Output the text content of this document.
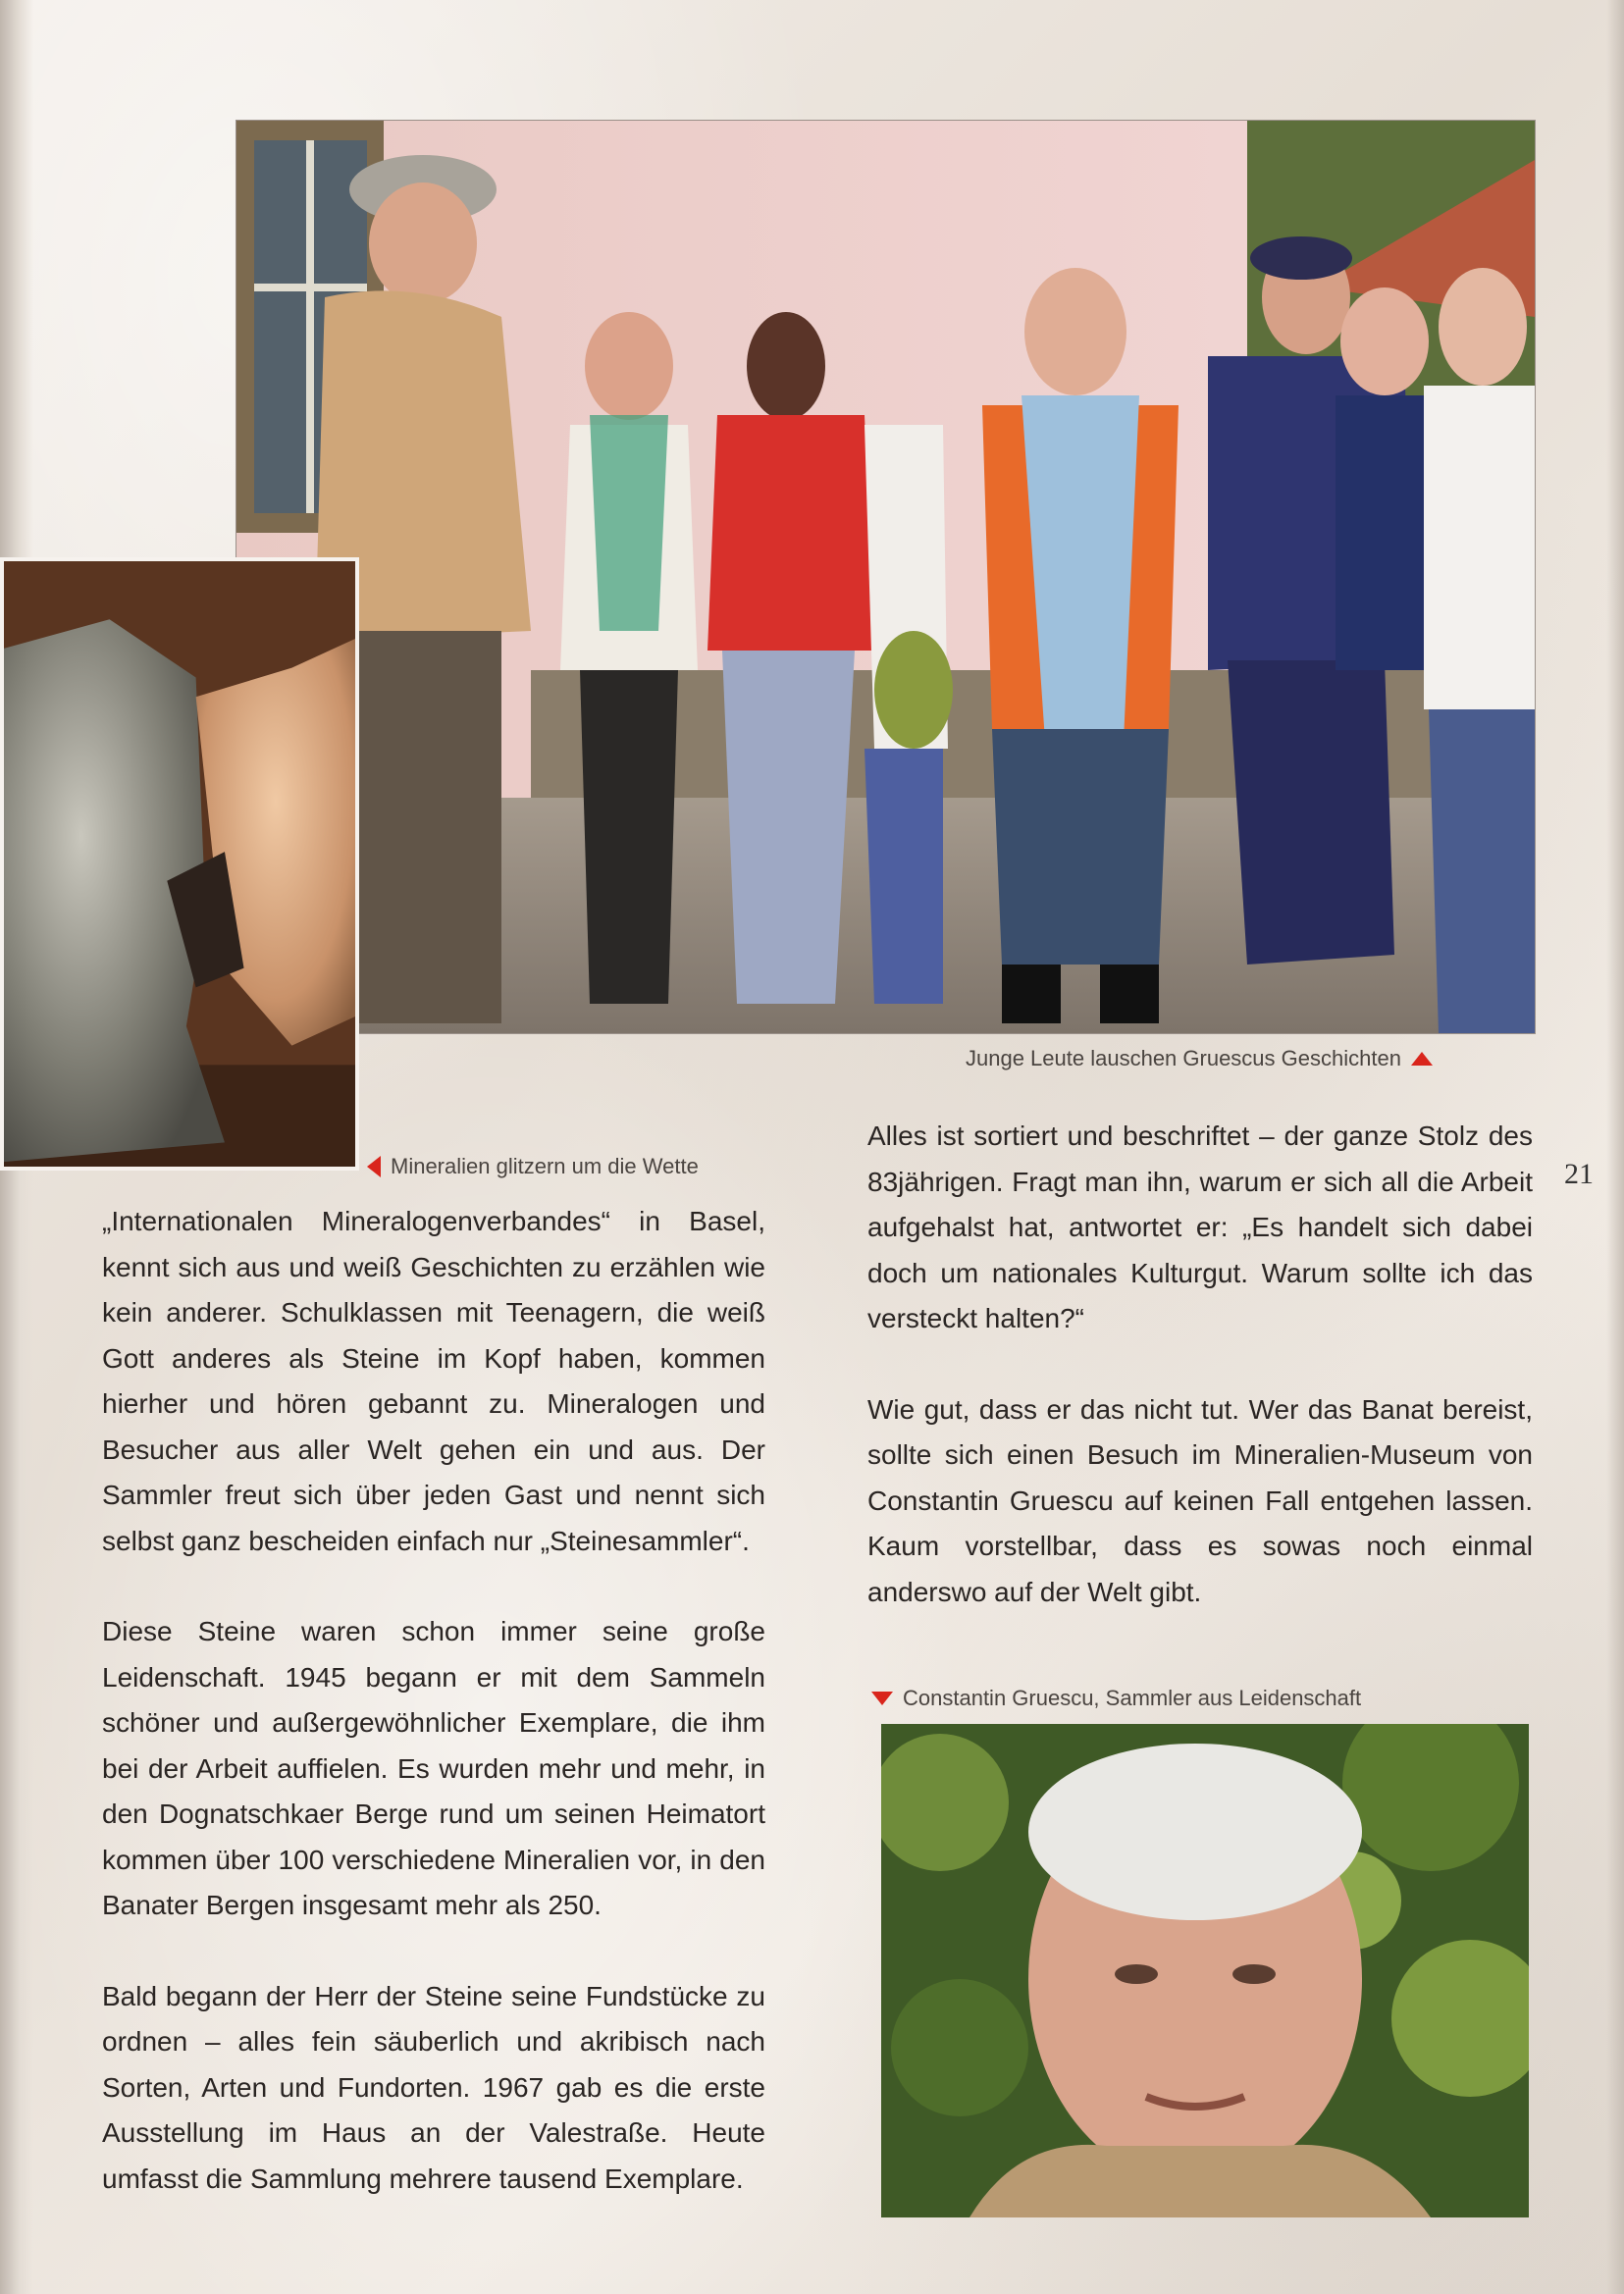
Junge Leute lauschen Gruescus Geschichten
Mineralien glitzern um die Wette
Constantin Gruescu, Sammler aus Leidenschaft
21

„Internationalen Mineralogenverbandes“ in Basel, kennt sich aus und weiß Geschichten zu erzählen wie kein anderer. Schulklassen mit Teenagern, die weiß Gott anderes als Steine im Kopf haben, kommen hierher und hören gebannt zu. Mineralogen und Besucher aus aller Welt gehen ein und aus. Der Sammler freut sich über jeden Gast und nennt sich selbst ganz bescheiden einfach nur „Steinesammler“.

Diese Steine waren schon immer seine große Leidenschaft. 1945 begann er mit dem Sammeln schöner und außergewöhnlicher Exemplare, die ihm bei der Arbeit auffielen. Es wurden mehr und mehr, in den Dognatschkaer Berge rund um seinen Heimatort kommen über 100 verschiedene Mineralien vor, in den Banater Bergen insgesamt mehr als 250.

Bald begann der Herr der Steine seine Fundstücke zu ordnen – alles fein säuberlich und akribisch nach Sorten, Arten und Fundorten. 1967 gab es die erste Ausstellung im Haus an der Valestraße. Heute umfasst die Sammlung mehrere tausend Exemplare.

Alles ist sortiert und beschriftet – der ganze Stolz des 83jährigen. Fragt man ihn, warum er sich all die Arbeit aufgehalst hat, antwortet er: „Es handelt sich dabei doch um nationales Kulturgut. Warum sollte ich das versteckt halten?“

Wie gut, dass er das nicht tut. Wer das Banat bereist, sollte sich einen Besuch im Mineralien-Museum von Constantin Gruescu auf keinen Fall entgehen lassen. Kaum vorstellbar, dass es sowas noch einmal anderswo auf der Welt gibt.
